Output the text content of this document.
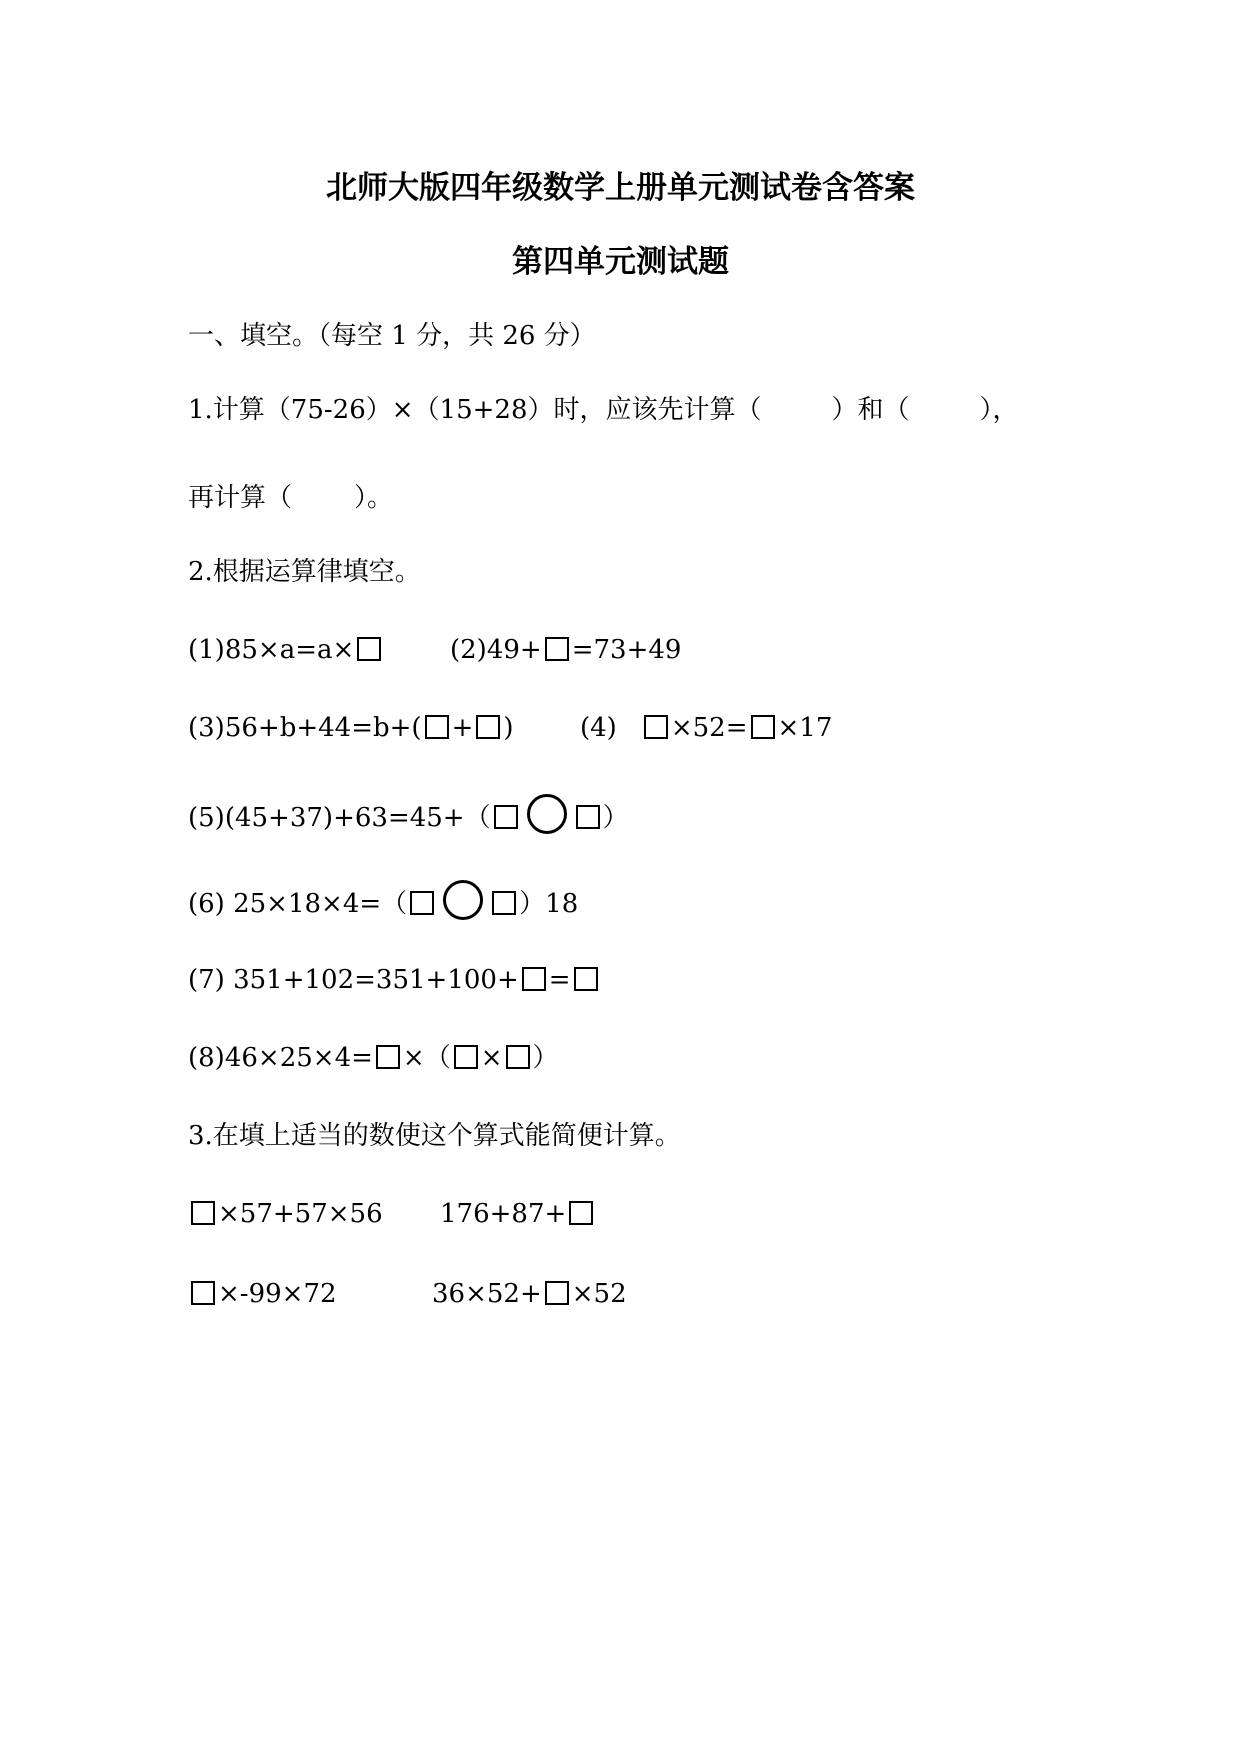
北师大版四年级数学上册单元测试卷含答案
第四单元测试题
一、填空。（每空 1 分，共 26 分）
1.计算（75-26）×（15+28）时，应该先计算（	）和（	），
再计算（ ）。
2.根据运算律填空。
(1)85×a=a×	(2)49+ =73+49
(3)56+b+44=b+( + )	(4) ×52= ×17
(5)(45+37)+63=45+（	）
(6) 25×18×4=（	）18
(7) 351+102=351+100+ =
(8)46×25×4= ×（ × ）
3.在填上适当的数使这个算式能简便计算。
×57+57×56 176+87+
×-99×72	36×52+ ×52
